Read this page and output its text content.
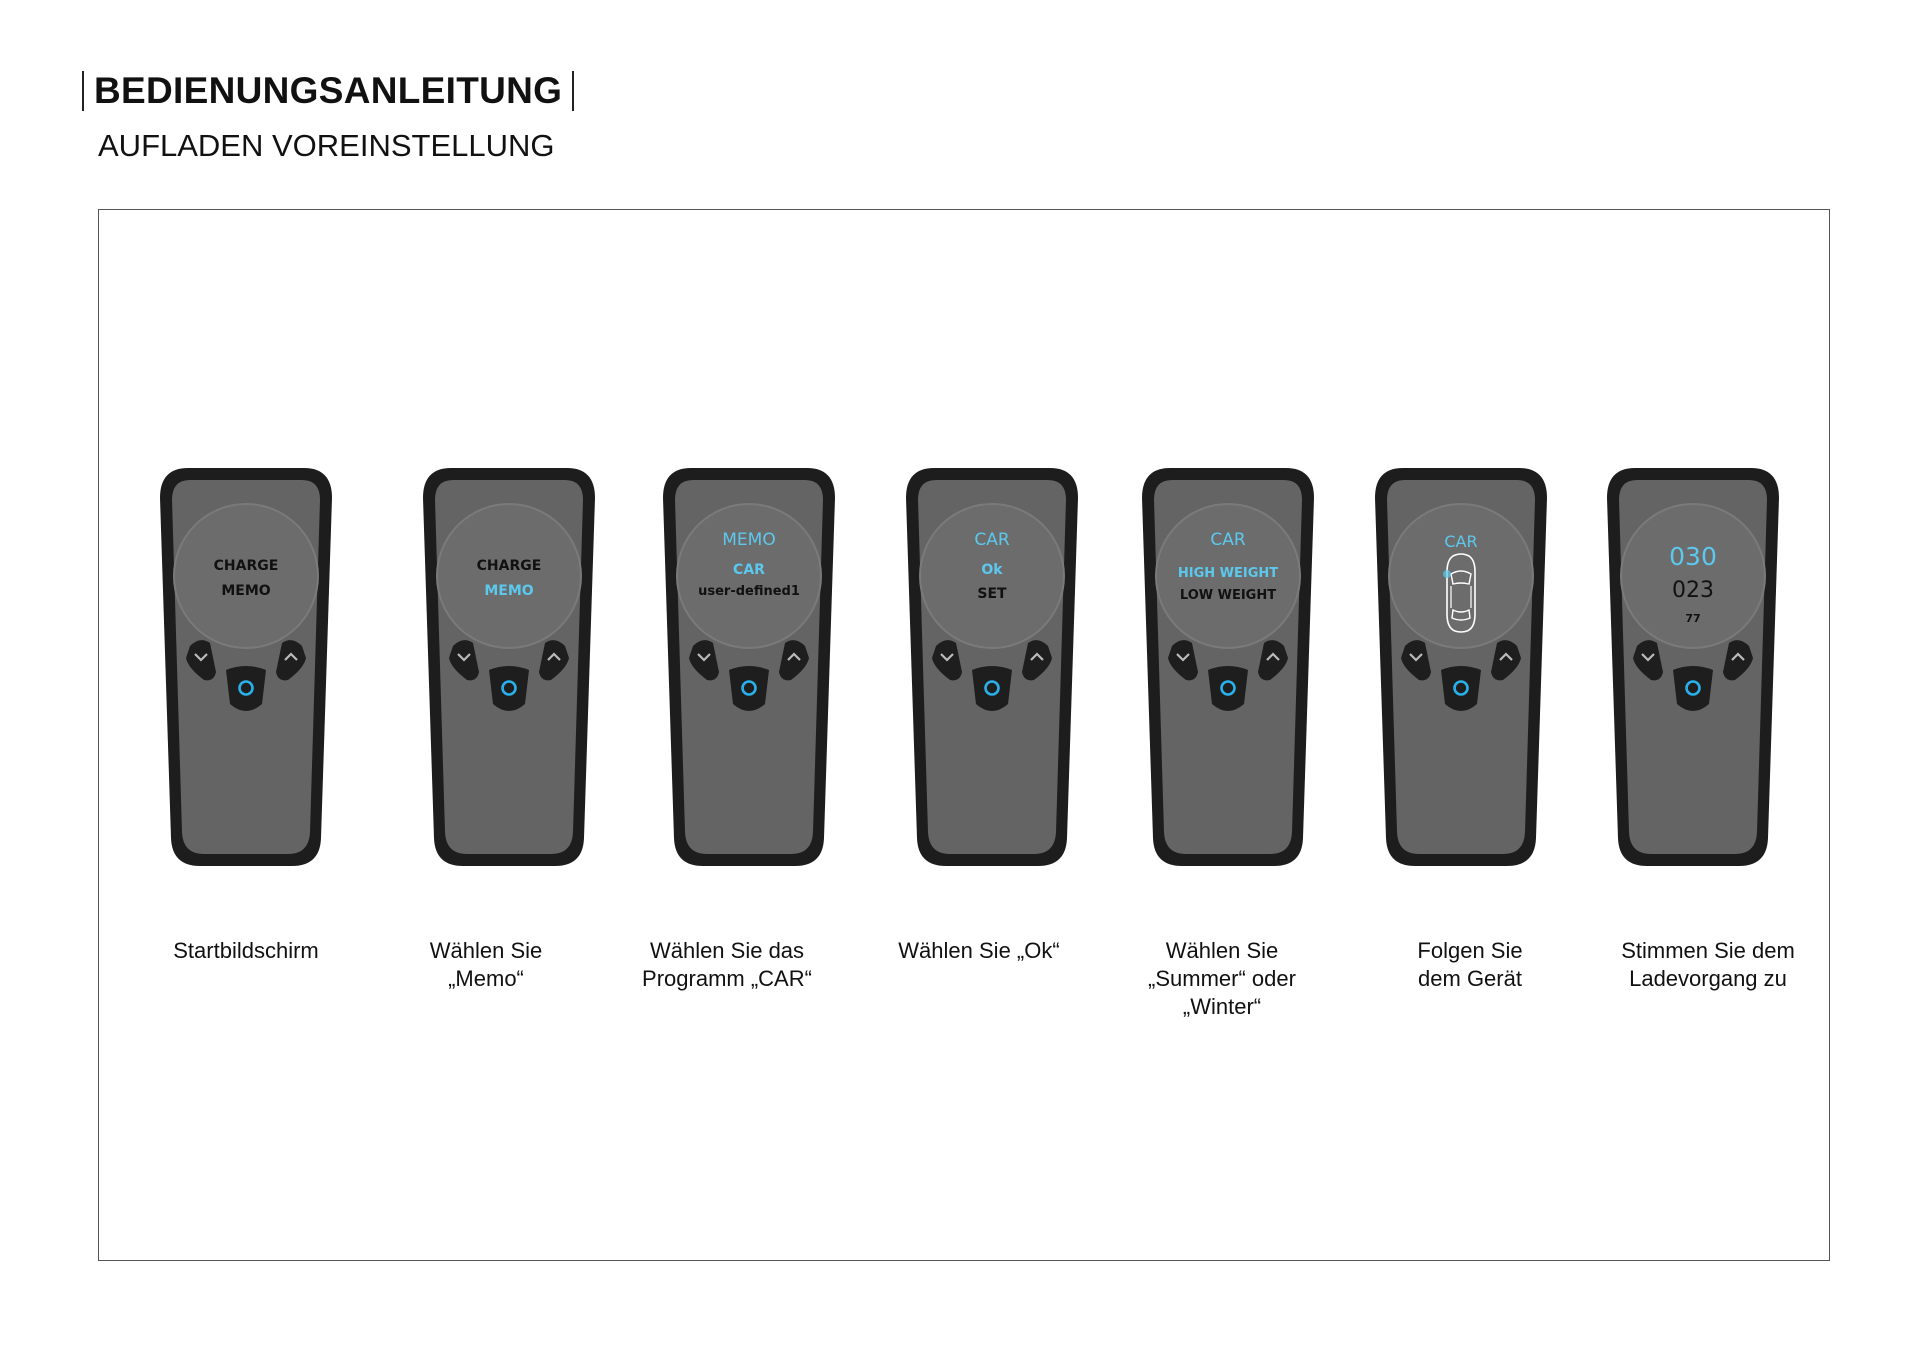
BEDIENUNGSANLEITUNG
AUFLADEN VOREINSTELLUNG
CHARGE
MEMO
CHARGE
MEMO
MEMO
CAR
user-defined1
CAR
Ok
SET
CAR
HIGH WEIGHT
LOW WEIGHT
CAR
030
023
77
Startbildschirm	Wählen Sie
„Memo“
Wählen Sie das
Programm „CAR“
Wählen Sie „Ok“	Wählen Sie
„Summer“ oder
„Winter“
Folgen Sie
dem Gerät
Stimmen Sie dem
Ladevorgang zu
